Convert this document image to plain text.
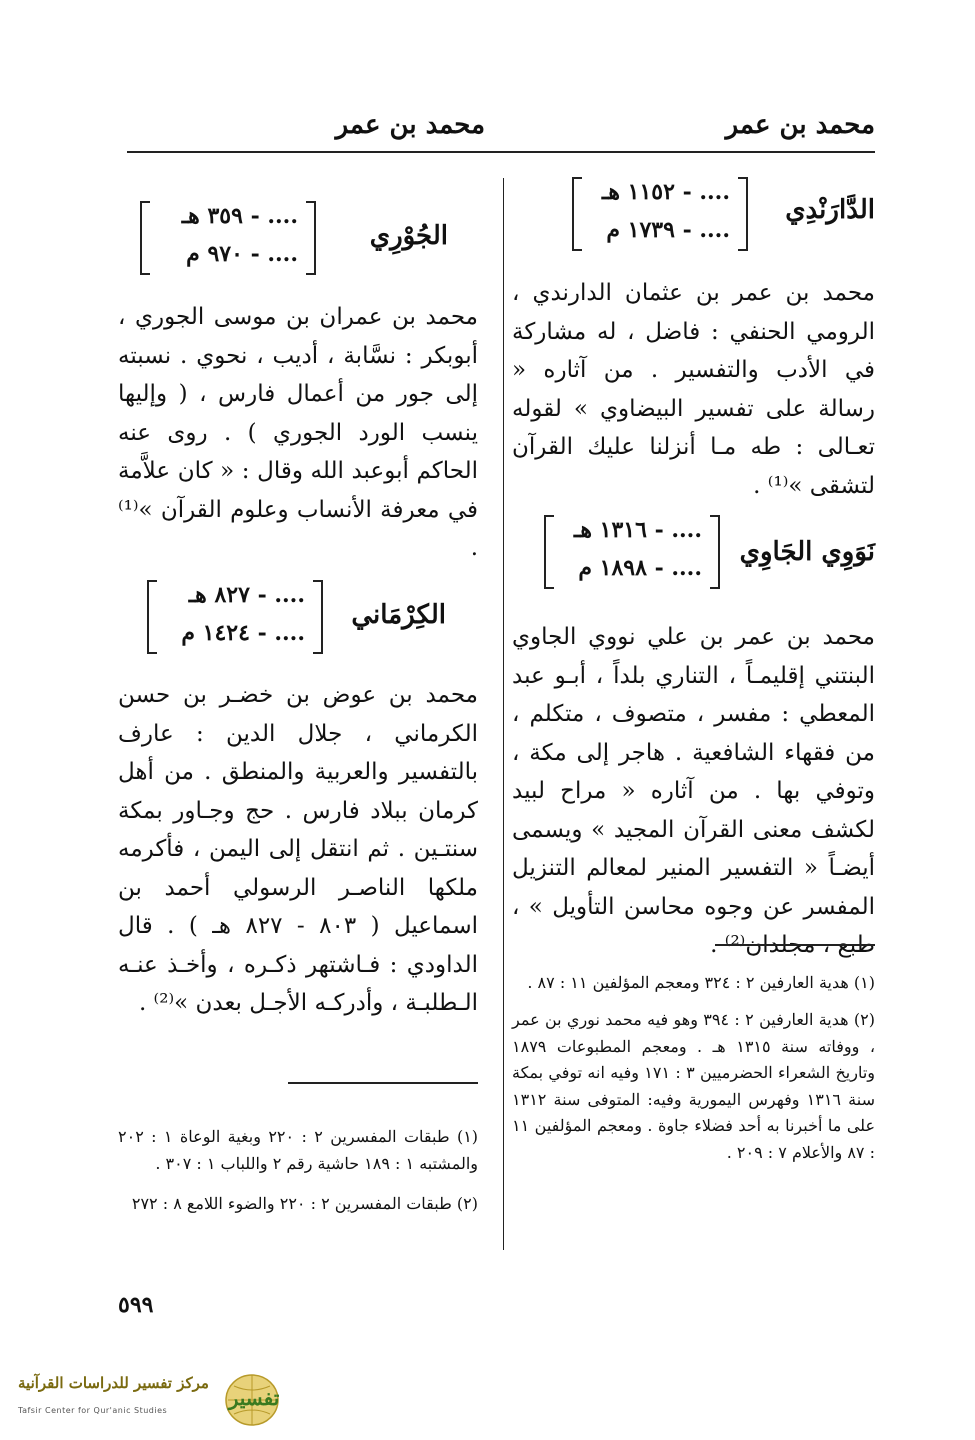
محمد بن عمر
محمد بن عمر
الدَّارَنْدِي
.... - ١١٥٢ هـ
.... - ١٧٣٩ م
محمد بن عمر بن عثمان الدارندي ، الرومي الحنفي : فاضل ، له مشاركة في الأدب والتفسير . من آثاره « رسالة على تفسير البيضاوي » لقوله تعـالى : طه مـا أنزلنا عليك القرآن لتشقى »⁽¹⁾ .
نَوَوِي الجَاوِي
.... - ١٣١٦ هـ
.... - ١٨٩٨ م
محمد بن عمر بن علي نووي الجاوي البنتني إقليمـاً ، التناري بلداً ، أبـو عبد المعطي : مفسر ، متصوف ، متكلم ، من فقهاء الشافعية . هاجر إلى مكة ، وتوفي بها . من آثاره « مراح لبيد لكشف معنى القرآن المجيد » ويسمى أيضـاً « التفسير المنير لمعالم التنزيل المفسر عن وجوه محاسن التأويل » ، طبع ، مجلدان⁽²⁾ .
(١) هدية العارفين ٢ : ٣٢٤ ومعجم المؤلفين ١١ : ٨٧ .
(٢) هدية العارفين ٢ : ٣٩٤ وهو فيه محمد نوري بن عمر ، ووفاته سنة ١٣١٥ هـ . ومعجم المطبوعات ١٨٧٩ وتاريخ الشعراء الحضرميين ٣ : ١٧١ وفيه انه توفي بمكة سنة ١٣١٦ وفهرس اليمورية وفيه: المتوفى سنة ١٣١٢ على ما أخبرنا به أحد فضلاء جاوة . ومعجم المؤلفين ١١ : ٨٧ والأعلام ٧ : ٢٠٩ .
الجُوْرِي
.... - ٣٥٩ هـ
.... - ٩٧٠ م
محمد بن عمران بن موسى الجوري ، أبوبكر : نسَّابة ، أديب ، نحوي . نسبته إلى جور من أعمال فارس ، ( وإليها ينسب الورد الجوري ) . روى عنه الحاكم أبوعبد الله وقال : « كان علاَّمة في معرفة الأنساب وعلوم القرآن »⁽¹⁾ .
الكِرْمَاني
.... - ٨٢٧ هـ
.... - ١٤٢٤ م
محمد بن عوض بن خضـر بن حسن الكرماني ، جلال الدين : عارف بالتفسير والعربية والمنطق . من أهل كرمان ببلاد فارس . حج وجـاور بمكة سنتـين . ثم انتقل إلى اليمن ، فأكرمه ملكها الناصـر الرسولي أحمد بن اسماعيل ( ٨٠٣ - ٨٢٧ هـ ) . قال الداودي : فـاشتهر ذكـره ، وأخـذ عنـه الـطلبـة ، وأدركـه الأجـل بعدن »⁽²⁾ .
(١) طبقات المفسرين ٢ : ٢٢٠ وبغية الوعاة ١ : ٢٠٢ والمشتبه ١ : ١٨٩ حاشية رقم ٢ واللباب ١ : ٣٠٧ .
(٢) طبقات المفسرين ٢ : ٢٢٠ والضوء اللامع ٨ : ٢٧٢
٥٩٩
مركز تفسير للدراسات القرآنية
Tafsir Center for Qur'anic Studies
تفسير
